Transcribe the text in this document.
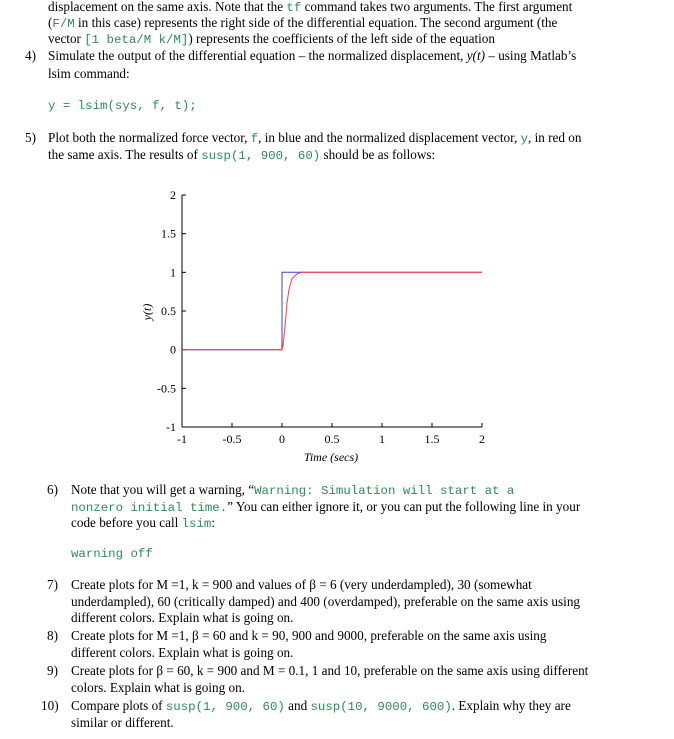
displacement on the same axis. Note that the tf command takes two arguments. The first argument
(F/M in this case) represents the right side of the differential equation. The second argument (the
vector [1 beta/M k/M]) represents the coefficients of the left side of the equation
4) Simulate the output of the differential equation – the normalized displacement, y(t) – using Matlab’s
lsim command:
y = lsim(sys, f, t);
5) Plot both the normalized force vector, f, in blue and the normalized displacement vector, y, in red on
the same axis. The results of susp(1, 900, 60) should be as follows:
-1
-0.5
0
0.5
1
1.5
2
-1	-0.5	0	0.5	1	1.5	2
Time (secs)
y(t)
6) Note that you will get a warning, “Warning: Simulation will start at a
nonzero initial time.” You can either ignore it, or you can put the following line in your
code before you call lsim:
warning off
7) Create plots for M =1, k = 900 and values of β = 6 (very underdampled), 30 (somewhat
underdampled), 60 (critically damped) and 400 (overdamped), preferable on the same axis using
different colors. Explain what is going on.
8) Create plots for M =1, β = 60 and k = 90, 900 and 9000, preferable on the same axis using
different colors. Explain what is going on.
9) Create plots for β = 60, k = 900 and M = 0.1, 1 and 10, preferable on the same axis using different
colors. Explain what is going on.
10) Compare plots of susp(1, 900, 60) and susp(10, 9000, 600). Explain why they are
similar or different.
